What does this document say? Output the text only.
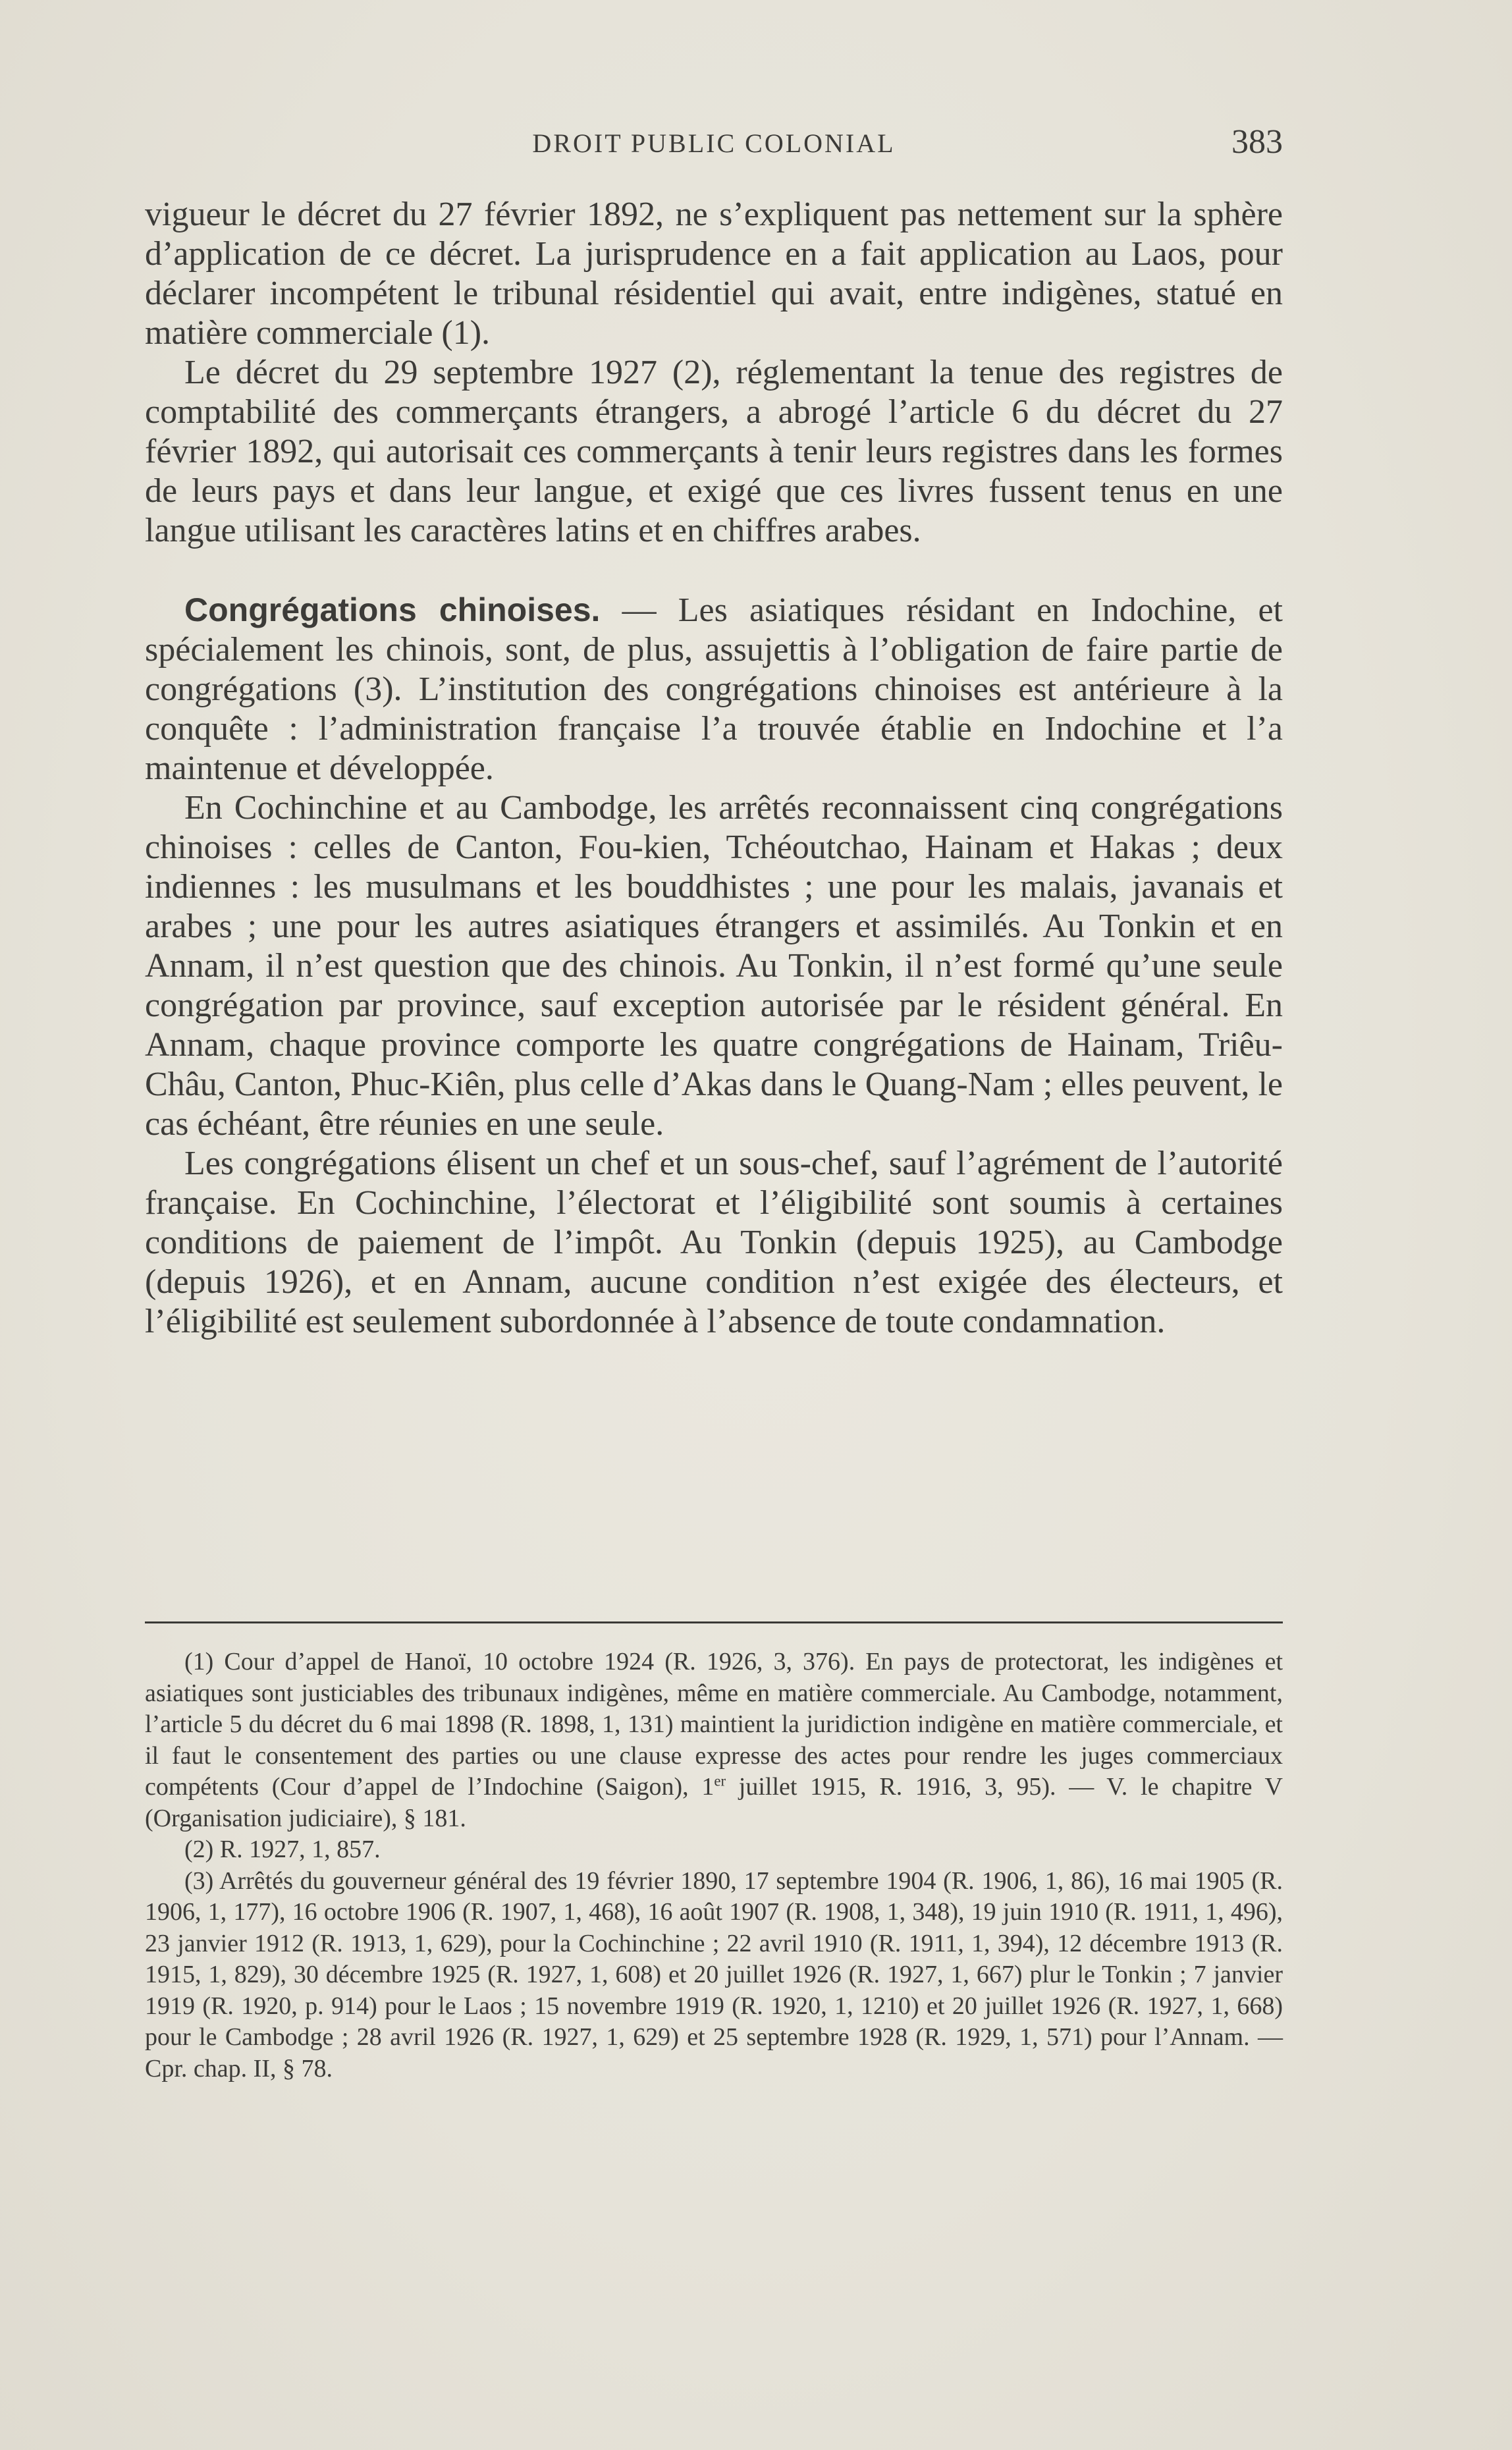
DROIT PUBLIC COLONIAL	383

vigueur le décret du 27 février 1892, ne s’expliquent pas nettement sur la sphère d’application de ce décret. La jurisprudence en a fait application au Laos, pour déclarer incompétent le tribunal résidentiel qui avait, entre indigènes, statué en matière commerciale (1).

Le décret du 29 septembre 1927 (2), réglementant la tenue des registres de comptabilité des commerçants étrangers, a abrogé l’article 6 du décret du 27 février 1892, qui autorisait ces commerçants à tenir leurs registres dans les formes de leurs pays et dans leur langue, et exigé que ces livres fussent tenus en une langue utilisant les caractères latins et en chiffres arabes.

Congrégations chinoises. — Les asiatiques résidant en Indochine, et spécialement les chinois, sont, de plus, assujettis à l’obligation de faire partie de congrégations (3). L’institution des congrégations chinoises est antérieure à la conquête : l’administration française l’a trouvée établie en Indochine et l’a maintenue et développée.

En Cochinchine et au Cambodge, les arrêtés reconnaissent cinq congrégations chinoises : celles de Canton, Fou-kien, Tchéoutchao, Hainam et Hakas ; deux indiennes : les musulmans et les bouddhistes ; une pour les malais, javanais et arabes ; une pour les autres asiatiques étrangers et assimilés. Au Tonkin et en Annam, il n’est question que des chinois. Au Tonkin, il n’est formé qu’une seule congrégation par province, sauf exception autorisée par le résident général. En Annam, chaque province comporte les quatre congrégations de Hainam, Triêu-Châu, Canton, Phuc-Kiên, plus celle d’Akas dans le Quang-Nam ; elles peuvent, le cas échéant, être réunies en une seule.

Les congrégations élisent un chef et un sous-chef, sauf l’agrément de l’autorité française. En Cochinchine, l’électorat et l’éligibilité sont soumis à certaines conditions de paiement de l’impôt. Au Tonkin (depuis 1925), au Cambodge (depuis 1926), et en Annam, aucune condition n’est exigée des électeurs, et l’éligibilité est seulement subordonnée à l’absence de toute condamnation.

(1) Cour d’appel de Hanoï, 10 octobre 1924 (R. 1926, 3, 376). En pays de protectorat, les indigènes et asiatiques sont justiciables des tribunaux indigènes, même en matière commerciale. Au Cambodge, notamment, l’article 5 du décret du 6 mai 1898 (R. 1898, 1, 131) maintient la juridiction indigène en matière commerciale, et il faut le consentement des parties ou une clause expresse des actes pour rendre les juges commerciaux compétents (Cour d’appel de l’Indochine (Saigon), 1er juillet 1915, R. 1916, 3, 95). — V. le chapitre V (Organisation judiciaire), § 181.

(2) R. 1927, 1, 857.

(3) Arrêtés du gouverneur général des 19 février 1890, 17 septembre 1904 (R. 1906, 1, 86), 16 mai 1905 (R. 1906, 1, 177), 16 octobre 1906 (R. 1907, 1, 468), 16 août 1907 (R. 1908, 1, 348), 19 juin 1910 (R. 1911, 1, 496), 23 janvier 1912 (R. 1913, 1, 629), pour la Cochinchine ; 22 avril 1910 (R. 1911, 1, 394), 12 décembre 1913 (R. 1915, 1, 829), 30 décembre 1925 (R. 1927, 1, 608) et 20 juillet 1926 (R. 1927, 1, 667) plur le Tonkin ; 7 janvier 1919 (R. 1920, p. 914) pour le Laos ; 15 novembre 1919 (R. 1920, 1, 1210) et 20 juillet 1926 (R. 1927, 1, 668) pour le Cambodge ; 28 avril 1926 (R. 1927, 1, 629) et 25 septembre 1928 (R. 1929, 1, 571) pour l’Annam. — Cpr. chap. II, § 78.
